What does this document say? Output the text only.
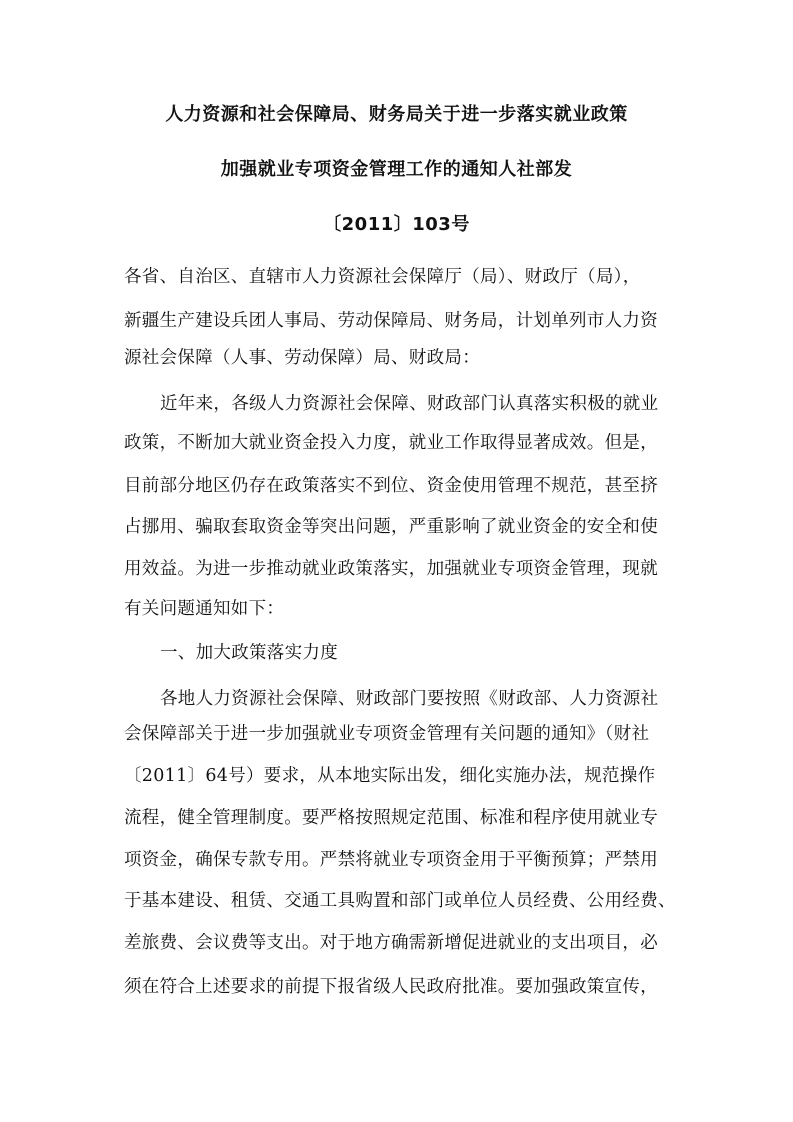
人力资源和社会保障局、财务局关于进一步落实就业政策
加强就业专项资金管理工作的通知人社部发
〔2011〕103号
各省、自治区、直辖市人力资源社会保障厅（局）、财政厅（局），
新疆生产建设兵团人事局、劳动保障局、财务局，计划单列市人力资
源社会保障（人事、劳动保障）局、财政局：
近年来，各级人力资源社会保障、财政部门认真落实积极的就业
政策，不断加大就业资金投入力度，就业工作取得显著成效。但是，
目前部分地区仍存在政策落实不到位、资金使用管理不规范，甚至挤
占挪用、骗取套取资金等突出问题，严重影响了就业资金的安全和使
用效益。为进一步推动就业政策落实，加强就业专项资金管理，现就
有关问题通知如下：
一、加大政策落实力度
各地人力资源社会保障、财政部门要按照《财政部、人力资源社
会保障部关于进一步加强就业专项资金管理有关问题的通知》（财社
〔2011〕64号）要求，从本地实际出发，细化实施办法，规范操作
流程，健全管理制度。要严格按照规定范围、标准和程序使用就业专
项资金，确保专款专用。严禁将就业专项资金用于平衡预算；严禁用
于基本建设、租赁、交通工具购置和部门或单位人员经费、公用经费、
差旅费、会议费等支出。对于地方确需新增促进就业的支出项目，必
须在符合上述要求的前提下报省级人民政府批准。要加强政策宣传，
